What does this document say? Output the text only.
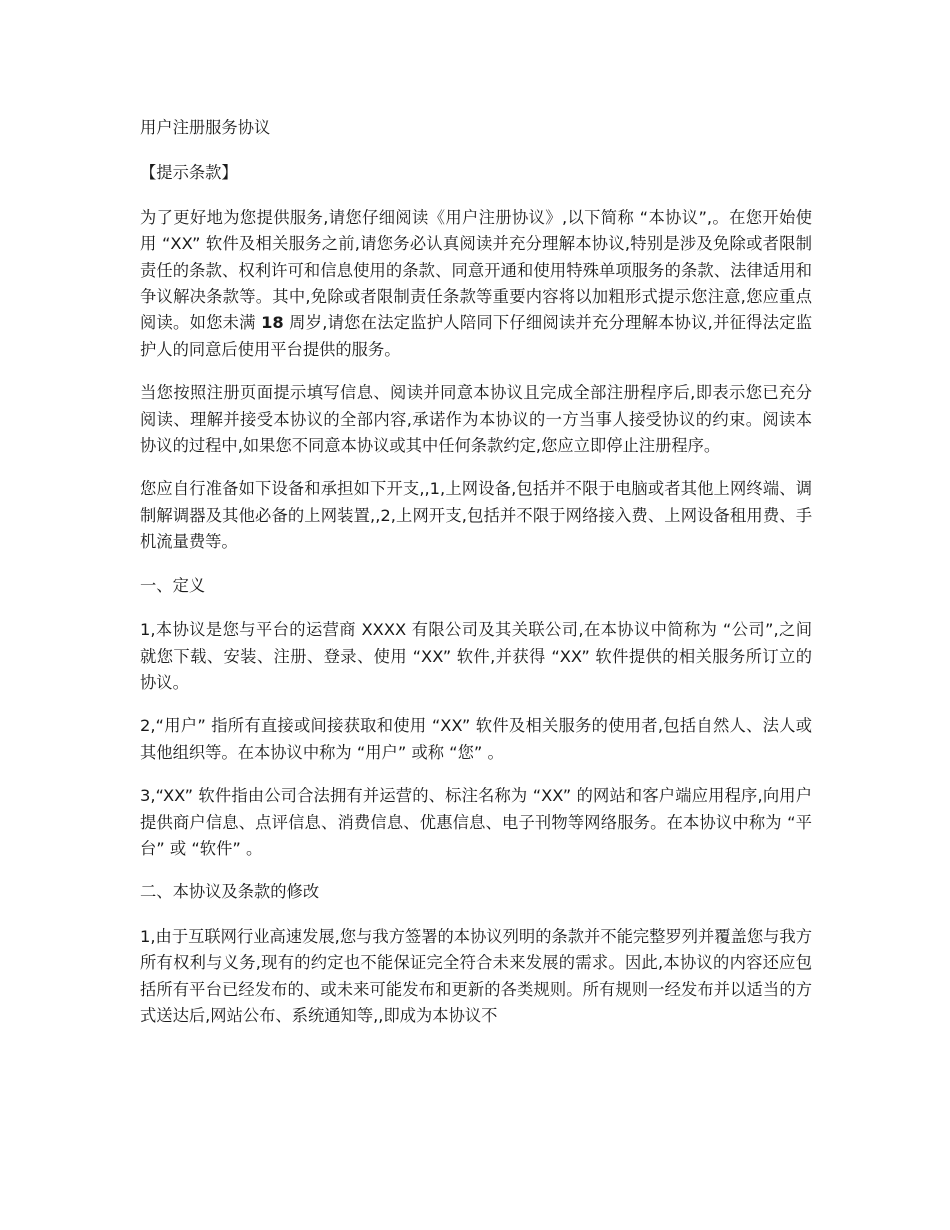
用户注册服务协议

【提示条款】

为了更好地为您提供服务,请您仔细阅读《用户注册协议》,以下简称 “本协议”,。在您开始使用 “XX” 软件及相关服务之前,请您务必认真阅读并充分理解本协议,特别是涉及免除或者限制责任的条款、权利许可和信息使用的条款、同意开通和使用特殊单项服务的条款、法律适用和争议解决条款等。其中,免除或者限制责任条款等重要内容将以加粗形式提示您注意,您应重点阅读。如您未满 18 周岁,请您在法定监护人陪同下仔细阅读并充分理解本协议,并征得法定监护人的同意后使用平台提供的服务。

当您按照注册页面提示填写信息、阅读并同意本协议且完成全部注册程序后,即表示您已充分阅读、理解并接受本协议的全部内容,承诺作为本协议的一方当事人接受协议的约束。阅读本协议的过程中,如果您不同意本协议或其中任何条款约定,您应立即停止注册程序。

您应自行准备如下设备和承担如下开支,,1,上网设备,包括并不限于电脑或者其他上网终端、调制解调器及其他必备的上网装置,,2,上网开支,包括并不限于网络接入费、上网设备租用费、手机流量费等。

一、定义

1,本协议是您与平台的运营商 XXXX 有限公司及其关联公司,在本协议中简称为 “公司”,之间就您下载、安装、注册、登录、使用 “XX” 软件,并获得 “XX” 软件提供的相关服务所订立的协议。

2,“用户” 指所有直接或间接获取和使用 “XX” 软件及相关服务的使用者,包括自然人、法人或其他组织等。在本协议中称为 “用户” 或称 “您” 。

3,“XX” 软件指由公司合法拥有并运营的、标注名称为 “XX” 的网站和客户端应用程序,向用户提供商户信息、点评信息、消费信息、优惠信息、电子刊物等网络服务。在本协议中称为 “平台” 或 “软件” 。

二、本协议及条款的修改

1,由于互联网行业高速发展,您与我方签署的本协议列明的条款并不能完整罗列并覆盖您与我方所有权利与义务,现有的约定也不能保证完全符合未来发展的需求。因此,本协议的内容还应包括所有平台已经发布的、或未来可能发布和更新的各类规则。所有规则一经发布并以适当的方式送达后,网站公布、系统通知等,,即成为本协议不
